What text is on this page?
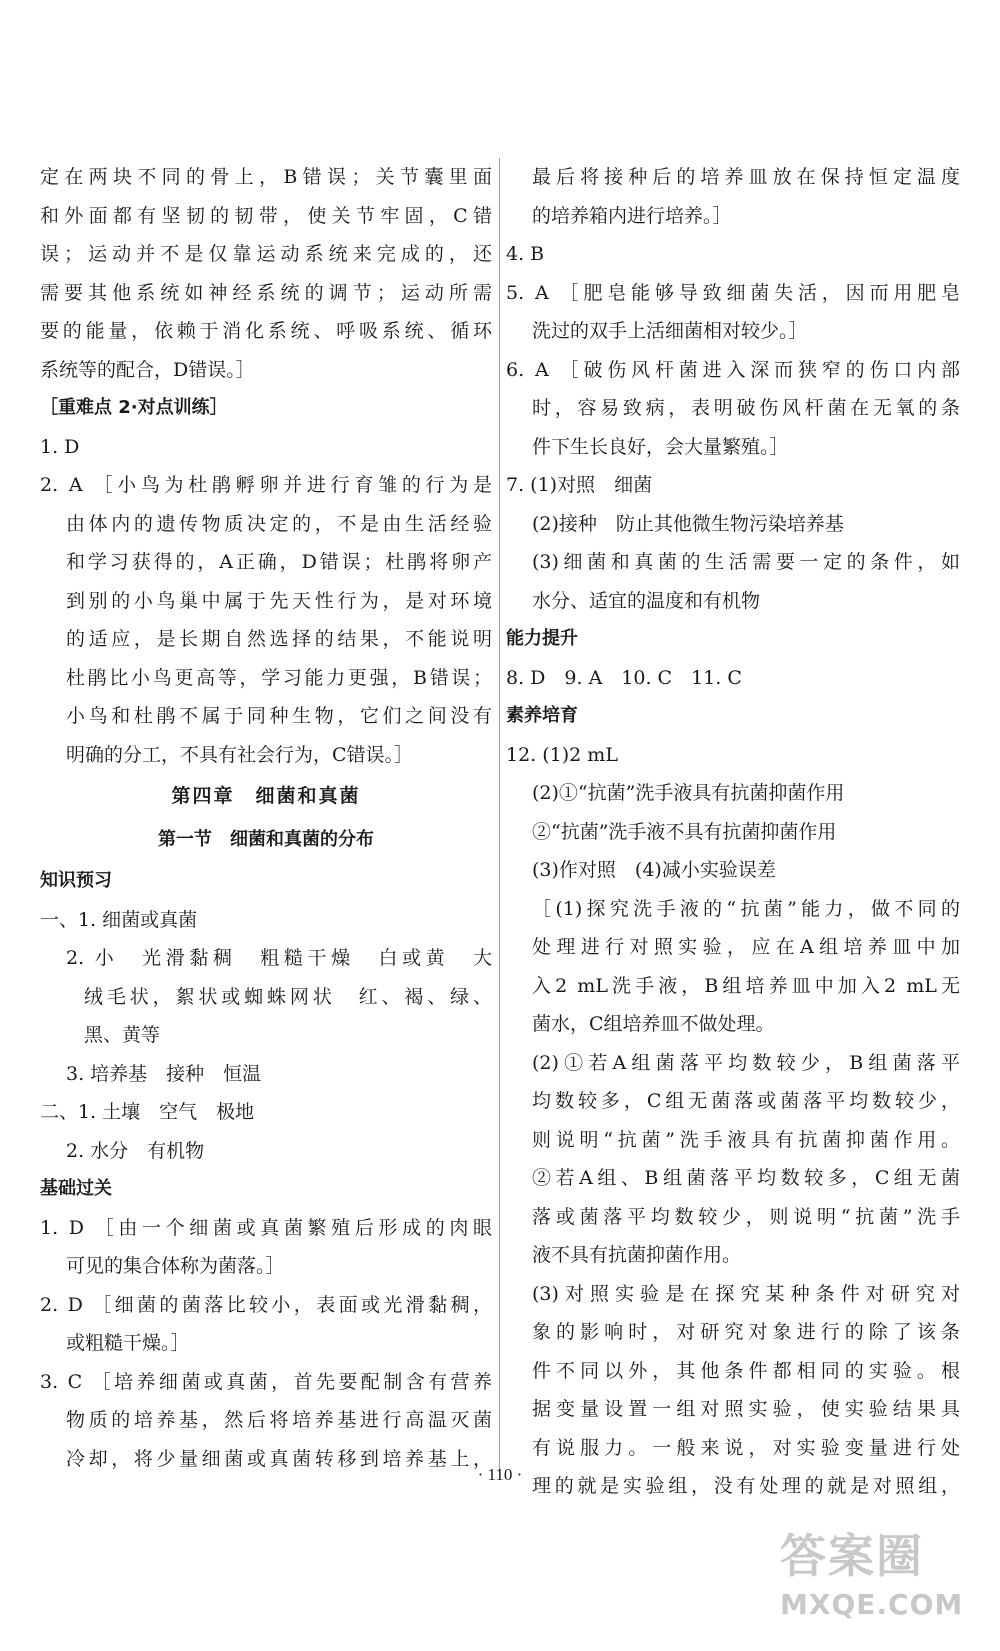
定在两块不同的骨上，B错误；关节囊里面
和外面都有坚韧的韧带，使关节牢固，C错
误；运动并不是仅靠运动系统来完成的，还
需要其他系统如神经系统的调节；运动所需
要的能量，依赖于消化系统、呼吸系统、循环
系统等的配合，D错误。］
［重难点 2·对点训练］
1. D
2. A ［小鸟为杜鹃孵卵并进行育雏的行为是
由体内的遗传物质决定的，不是由生活经验
和学习获得的，A正确，D错误；杜鹃将卵产
到别的小鸟巢中属于先天性行为，是对环境
的适应，是长期自然选择的结果，不能说明
杜鹃比小鸟更高等，学习能力更强，B错误；
小鸟和杜鹃不属于同种生物，它们之间没有
明确的分工，不具有社会行为，C错误。］
第四章　细菌和真菌
第一节　细菌和真菌的分布
知识预习
一、1. 细菌或真菌
2. 小　光滑黏稠　粗糙干燥　白或黄　大
绒毛状，絮状或蜘蛛网状　红、褐、绿、
黑、黄等
3. 培养基　接种　恒温
二、1. 土壤　空气　极地
2. 水分　有机物
基础过关
1. D ［由一个细菌或真菌繁殖后形成的肉眼
可见的集合体称为菌落。］
2. D ［细菌的菌落比较小，表面或光滑黏稠，
或粗糙干燥。］
3. C ［培养细菌或真菌，首先要配制含有营养
物质的培养基，然后将培养基进行高温灭菌
冷却，将少量细菌或真菌转移到培养基上，
最后将接种后的培养皿放在保持恒定温度
的培养箱内进行培养。］
4. B
5. A ［肥皂能够导致细菌失活，因而用肥皂
洗过的双手上活细菌相对较少。］
6. A ［破伤风杆菌进入深而狭窄的伤口内部
时，容易致病，表明破伤风杆菌在无氧的条
件下生长良好，会大量繁殖。］
7. (1)对照　细菌
(2)接种　防止其他微生物污染培养基
(3)细菌和真菌的生活需要一定的条件，如
水分、适宜的温度和有机物
能力提升
8. D　9. A　10. C　11. C
素养培育
12. (1)2 mL
(2)①“抗菌”洗手液具有抗菌抑菌作用
②“抗菌”洗手液不具有抗菌抑菌作用
(3)作对照　(4)减小实验误差
［(1)探究洗手液的“抗菌”能力，做不同的
处理进行对照实验，应在A组培养皿中加
入2 mL洗手液，B组培养皿中加入2 mL无
菌水，C组培养皿不做处理。
(2)①若A组菌落平均数较少，B组菌落平
均数较多，C组无菌落或菌落平均数较少，
则说明“抗菌”洗手液具有抗菌抑菌作用。
②若A组、B组菌落平均数较多，C组无菌
落或菌落平均数较少，则说明“抗菌”洗手
液不具有抗菌抑菌作用。
(3)对照实验是在探究某种条件对研究对
象的影响时，对研究对象进行的除了该条
件不同以外，其他条件都相同的实验。根
据变量设置一组对照实验，使实验结果具
有说服力。一般来说，对实验变量进行处
理的就是实验组，没有处理的就是对照组，
· 110 ·
答案圈
MXQE.COM
